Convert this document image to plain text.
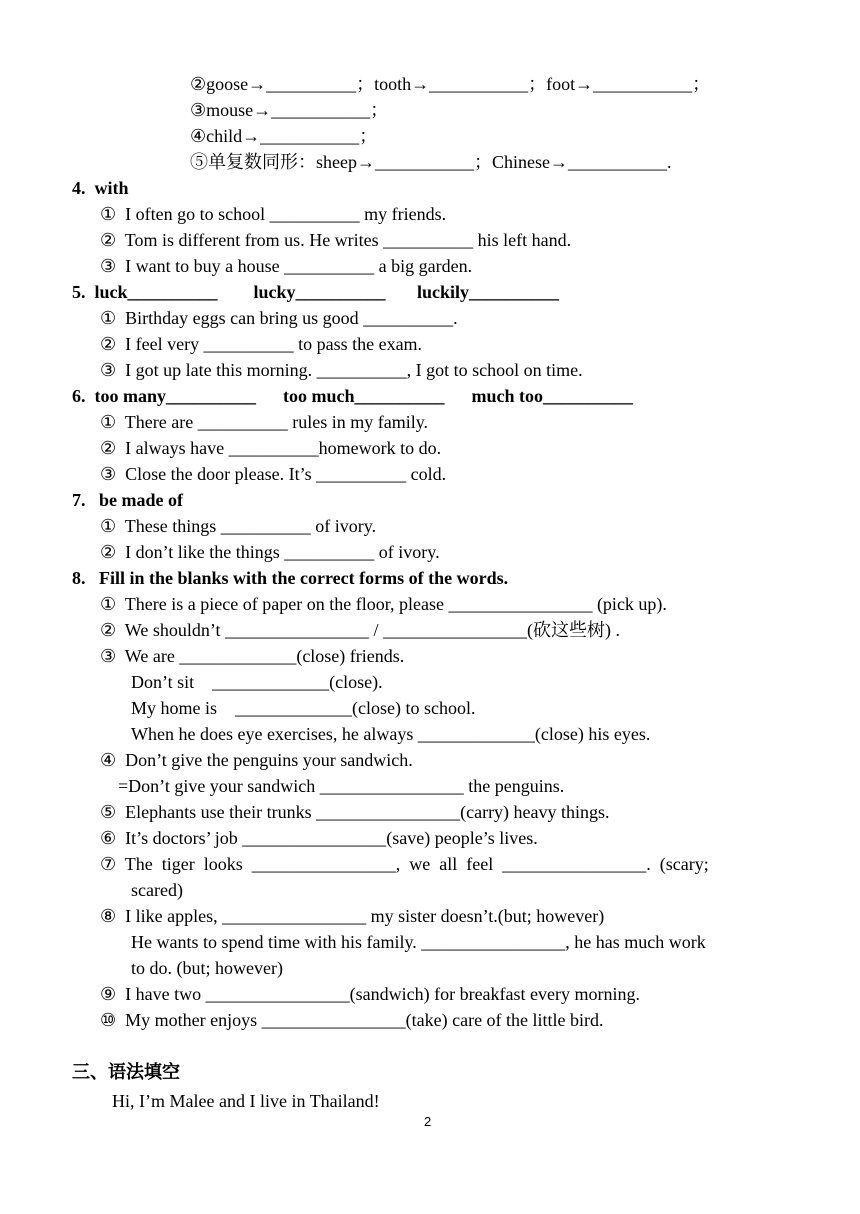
②goose→__________；tooth→___________；foot→___________；
③mouse→___________；
④child→___________；
⑤单复数同形：sheep→___________；Chinese→___________.
4.  with
①  I often go to school __________ my friends.
②  Tom is different from us. He writes __________ his left hand.
③  I want to buy a house __________ a big garden.
5.  luck__________        lucky__________       luckily__________
①  Birthday eggs can bring us good __________.
②  I feel very __________ to pass the exam.
③  I got up late this morning. __________, I got to school on time.
6.  too many__________      too much__________      much too__________
①  There are __________ rules in my family.
②  I always have __________homework to do.
③  Close the door please. It’s __________ cold.
7.   be made of
①  These things __________ of ivory.
②  I don’t like the things __________ of ivory.
8.   Fill in the blanks with the correct forms of the words.
①  There is a piece of paper on the floor, please ________________ (pick up).
②  We shouldn’t ________________ / ________________(砍这些树) .
③  We are _____________(close) friends.
Don’t sit    _____________(close).
My home is    _____________(close) to school.
When he does eye exercises, he always _____________(close) his eyes.
④  Don’t give the penguins your sandwich.
=Don’t give your sandwich ________________ the penguins.
⑤  Elephants use their trunks ________________(carry) heavy things.
⑥  It’s doctors’ job ________________(save) people’s lives.
⑦  The  tiger  looks  ________________,  we  all  feel  ________________.  (scary;
scared)
⑧  I like apples, ________________ my sister doesn’t.(but; however)
He wants to spend time with his family. ________________, he has much work
to do. (but; however)
⑨  I have two ________________(sandwich) for breakfast every morning.
⑩  My mother enjoys ________________(take) care of the little bird.
三、语法填空
Hi, I’m Malee and I live in Thailand!
2
